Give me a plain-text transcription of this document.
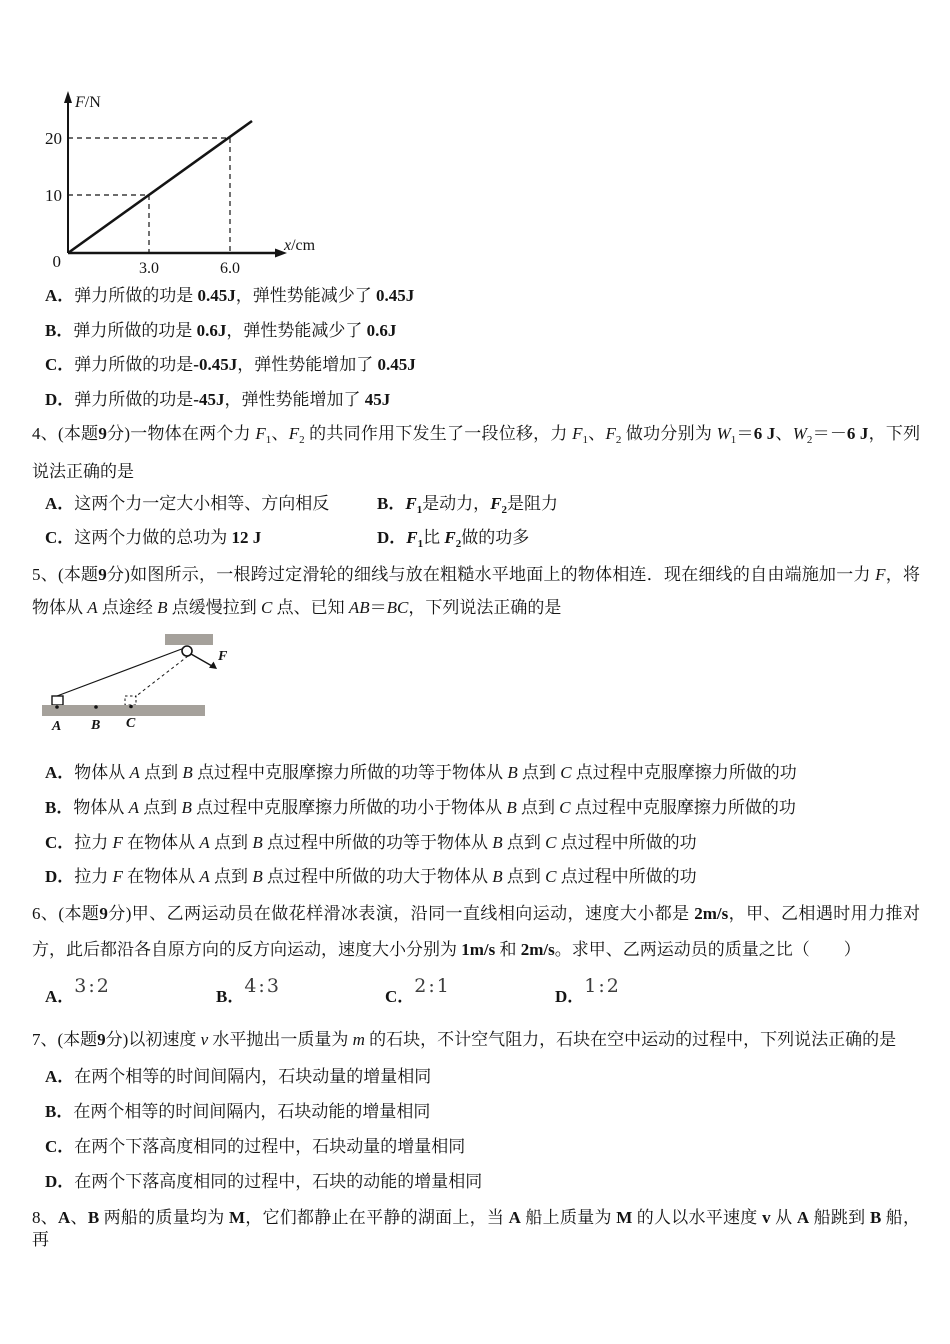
F/N
20
10
0	3.0	6.0
x/cm
A．弹力所做的功是 0.45J，弹性势能减少了 0.45J
B．弹力所做的功是 0.6J，弹性势能减少了 0.6J
C．弹力所做的功是-0.45J，弹性势能增加了 0.45J
D．弹力所做的功是-45J，弹性势能增加了 45J
4、(本题9分)一物体在两个力 $F_1$、$F_2$ 的共同作用下发生了一段位移，力 $F_1$、$F_2$ 做功分别为 $W_1=6$ J、$W_2=-6$ J，下列说法正确的是
A．这两个力一定大小相等、方向相反	B．$F_1$是动力，$F_2$是阻力
C．这两个力做的总功为 12 J	D．$F_1$比 $F_2$做的功多
5、(本题9分)如图所示，一根跨过定滑轮的细线与放在粗糙水平地面上的物体相连．现在细线的自由端施加一力 F，将物体从 A 点途经 B 点缓慢拉到 C 点、已知 AB＝BC，下列说法正确的是
F
A B C
A．物体从 A 点到 B 点过程中克服摩擦力所做的功等于物体从 B 点到 C 点过程中克服摩擦力所做的功
B．物体从 A 点到 B 点过程中克服摩擦力所做的功小于物体从 B 点到 C 点过程中克服摩擦力所做的功
C．拉力 F 在物体从 A 点到 B 点过程中所做的功等于物体从 B 点到 C 点过程中所做的功
D．拉力 F 在物体从 A 点到 B 点过程中所做的功大于物体从 B 点到 C 点过程中所做的功
6、(本题9分)甲、乙两运动员在做花样滑冰表演，沿同一直线相向运动，速度大小都是 2m/s，甲、乙相遇时用力推对方，此后都沿各自原方向的反方向运动，速度大小分别为 1m/s 和 2m/s。求甲、乙两运动员的质量之比（　　）
A．3:2	B．4:3	C．2:1	D．1:2
7、(本题9分)以初速度 v 水平抛出一质量为 m 的石块，不计空气阻力，石块在空中运动的过程中，下列说法正确的是
A．在两个相等的时间间隔内，石块动量的增量相同
B．在两个相等的时间间隔内，石块动能的增量相同
C．在两个下落高度相同的过程中，石块动量的增量相同
D．在两个下落高度相同的过程中，石块的动能的增量相同
8、A、B 两船的质量均为 M，它们都静止在平静的湖面上，当 A 船上质量为 M 的人以水平速度 v 从 A 船跳到 B 船，再
